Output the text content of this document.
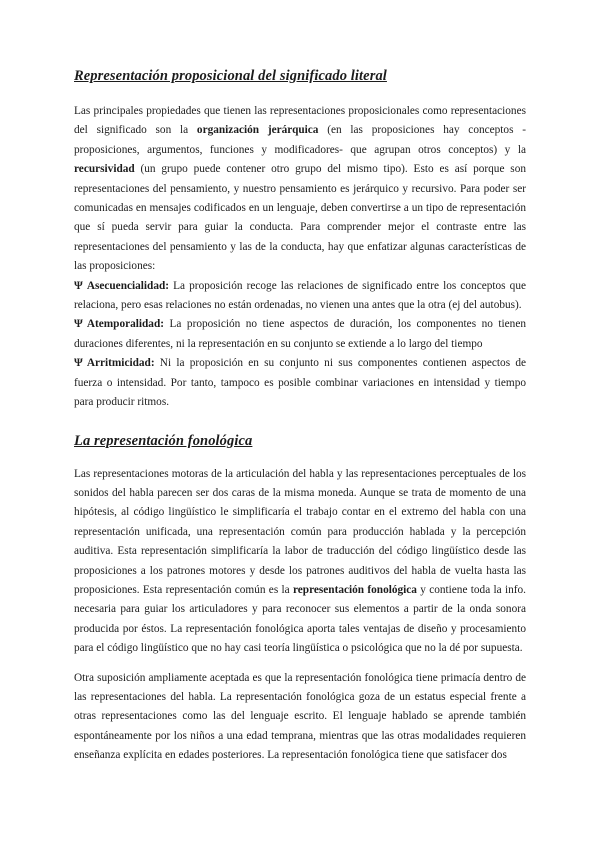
Representación proposicional del significado literal

Las principales propiedades que tienen las representaciones proposicionales como representaciones del significado son la organización jerárquica (en las proposiciones hay conceptos -proposiciones, argumentos, funciones y modificadores- que agrupan otros conceptos) y la recursividad (un grupo puede contener otro grupo del mismo tipo). Esto es así porque son representaciones del pensamiento, y nuestro pensamiento es jerárquico y recursivo. Para poder ser comunicadas en mensajes codificados en un lenguaje, deben convertirse a un tipo de representación que sí pueda servir para guiar la conducta. Para comprender mejor el contraste entre las representaciones del pensamiento y las de la conducta, hay que enfatizar algunas características de las proposiciones:

Ψ Asecuencialidad: La proposición recoge las relaciones de significado entre los conceptos que relaciona, pero esas relaciones no están ordenadas, no vienen una antes que la otra (ej del autobus).

Ψ Atemporalidad: La proposición no tiene aspectos de duración, los componentes no tienen duraciones diferentes, ni la representación en su conjunto se extiende a lo largo del tiempo

Ψ Arritmicidad: Ni la proposición en su conjunto ni sus componentes contienen aspectos de fuerza o intensidad. Por tanto, tampoco es posible combinar variaciones en intensidad y tiempo para producir ritmos.

La representación fonológica

Las representaciones motoras de la articulación del habla y las representaciones perceptuales de los sonidos del habla parecen ser dos caras de la misma moneda. Aunque se trata de momento de una hipótesis, al código lingüístico le simplificaría el trabajo contar en el extremo del habla con una representación unificada, una representación común para producción hablada y la percepción auditiva. Esta representación simplificaría la labor de traducción del código lingüístico desde las proposiciones a los patrones motores y desde los patrones auditivos del habla de vuelta hasta las proposiciones. Esta representación común es la representación fonológica y contiene toda la info. necesaria para guiar los articuladores y para reconocer sus elementos a partir de la onda sonora producida por éstos. La representación fonológica aporta tales ventajas de diseño y procesamiento para el código lingüístico que no hay casi teoría lingüística o psicológica que no la dé por supuesta.

Otra suposición ampliamente aceptada es que la representación fonológica tiene primacía dentro de las representaciones del habla. La representación fonológica goza de un estatus especial frente a otras representaciones como las del lenguaje escrito. El lenguaje hablado se aprende también espontáneamente por los niños a una edad temprana, mientras que las otras modalidades requieren enseñanza explícita en edades posteriores. La representación fonológica tiene que satisfacer dos
